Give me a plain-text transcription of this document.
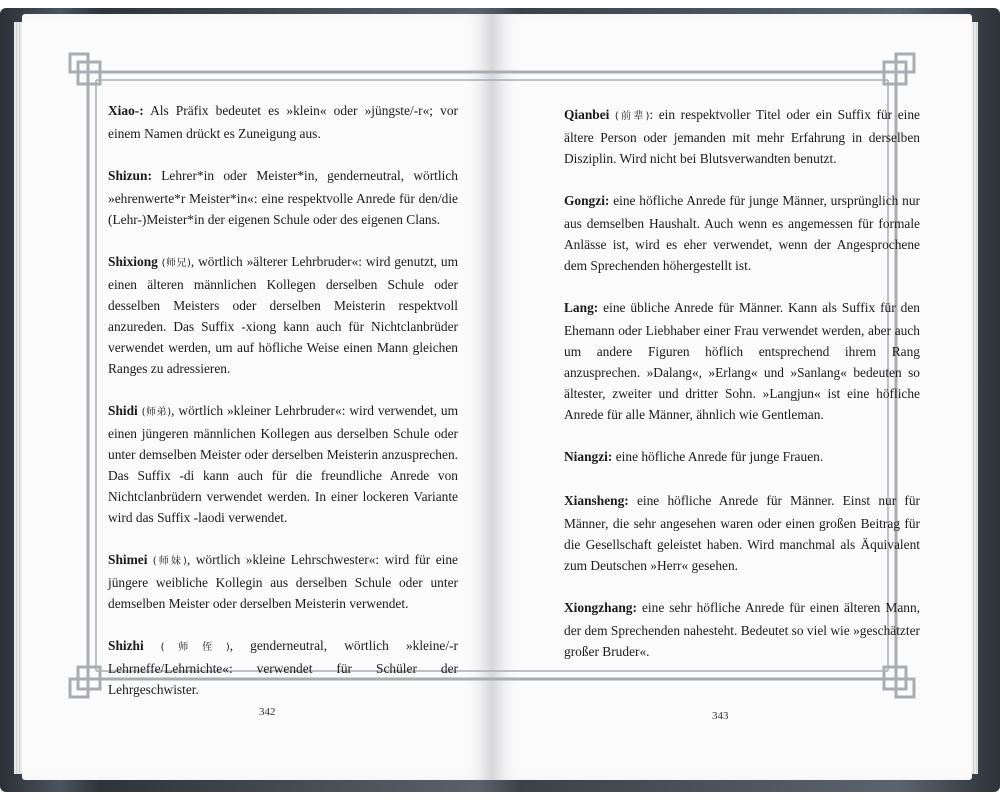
Xiao-: Als Präfix bedeutet es »klein« oder »jüngste/-r«; vor einem Namen drückt es Zuneigung aus.

Shizun: Lehrer*in oder Meister*in, genderneutral, wörtlich »ehrenwerte*r Meister*in«: eine respektvolle Anrede für den/die (Lehr-)Meister*in der eigenen Schule oder des eigenen Clans.

Shixiong (师兄), wörtlich »älterer Lehrbruder«: wird genutzt, um einen älteren männlichen Kollegen derselben Schule oder desselben Meisters oder derselben Meisterin respektvoll anzureden. Das Suffix -xiong kann auch für Nichtclanbrüder verwendet werden, um auf höfliche Weise einen Mann gleichen Ranges zu adressieren.

Shidi (师弟), wörtlich »kleiner Lehrbruder«: wird verwendet, um einen jüngeren männlichen Kollegen aus derselben Schule oder unter demselben Meister oder derselben Meisterin anzusprechen. Das Suffix -di kann auch für die freundliche Anrede von Nichtclanbrüdern verwendet werden. In einer lockeren Variante wird das Suffix -laodi verwendet.

Shimei (师妹), wörtlich »kleine Lehrschwester«: wird für eine jüngere weibliche Kollegin aus derselben Schule oder unter demselben Meister oder derselben Meisterin verwendet.

Shizhi (师侄), genderneutral, wörtlich »kleine/-r Lehrneffe/Lehrnichte«: verwendet für Schüler der Lehrgeschwister.

342

Qianbei (前辈): ein respektvoller Titel oder ein Suffix für eine ältere Person oder jemanden mit mehr Erfahrung in derselben Disziplin. Wird nicht bei Blutsverwandten benutzt.

Gongzi: eine höfliche Anrede für junge Männer, ursprünglich nur aus demselben Haushalt. Auch wenn es angemessen für formale Anlässe ist, wird es eher verwendet, wenn der Angesprochene dem Sprechenden höhergestellt ist.

Lang: eine übliche Anrede für Männer. Kann als Suffix für den Ehemann oder Liebhaber einer Frau verwendet werden, aber auch um andere Figuren höflich entsprechend ihrem Rang anzusprechen. »Dalang«, »Erlang« und »Sanlang« bedeuten so ältester, zweiter und dritter Sohn. »Langjun« ist eine höfliche Anrede für alle Männer, ähnlich wie Gentleman.

Niangzi: eine höfliche Anrede für junge Frauen.

Xiansheng: eine höfliche Anrede für Männer. Einst nur für Männer, die sehr angesehen waren oder einen großen Beitrag für die Gesellschaft geleistet haben. Wird manchmal als Äquivalent zum Deutschen »Herr« gesehen.

Xiongzhang: eine sehr höfliche Anrede für einen älteren Mann, der dem Sprechenden nahesteht. Bedeutet so viel wie »geschätzter großer Bruder«.

343
